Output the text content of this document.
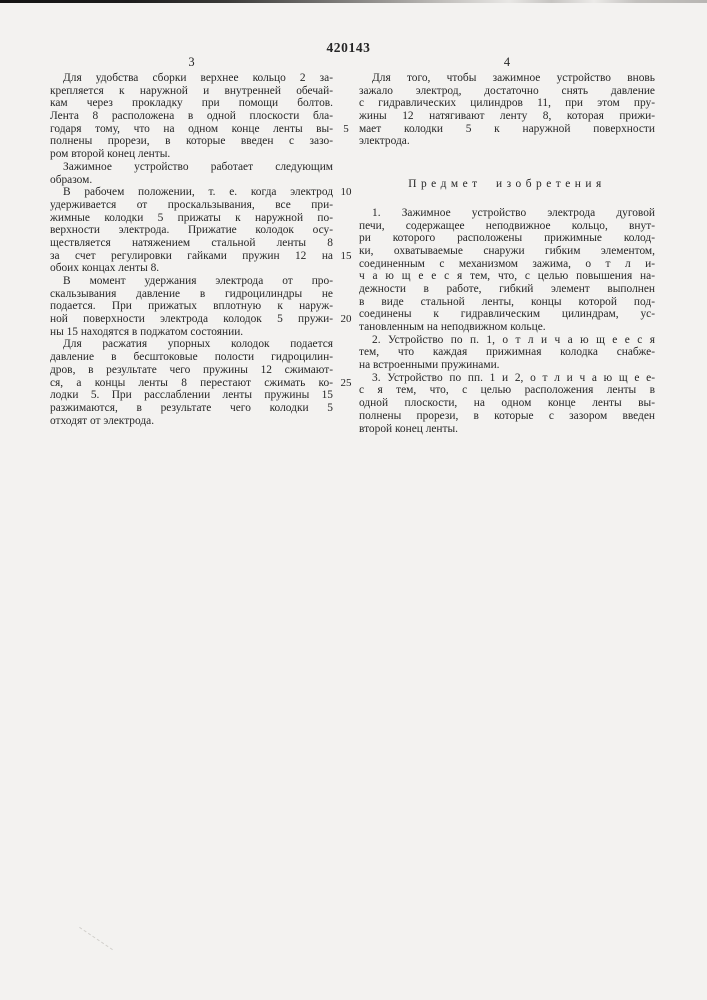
420143
3	4
Для удобства сборки верхнее кольцо 2 за-
крепляется к наружной и внутренней обечай-
кам через прокладку при помощи болтов.
Лента 8 расположена в одной плоскости бла-
годаря тому, что на одном конце ленты вы-
полнены прорези, в которые введен с зазо-
ром второй конец ленты.
Зажимное устройство работает следующим
образом.
В рабочем положении, т. е. когда электрод
удерживается от проскальзывания, все при-
жимные колодки 5 прижаты к наружной по-
верхности электрода. Прижатие колодок осу-
ществляется натяжением стальной ленты 8
за счет регулировки гайками пружин 12 на
обоих концах ленты 8.
В момент удержания электрода от про-
скальзывания давление в гидроцилиндры не
подается. При прижатых вплотную к наруж-
ной поверхности электрода колодок 5 пружи-
ны 15 находятся в поджатом состоянии.
Для расжатия упорных колодок подается
давление в бесштоковые полости гидроцилин-
дров, в результате чего пружины 12 сжимают-
ся, а концы ленты 8 перестают сжимать ко-
лодки 5. При расслаблении ленты пружины 15
разжимаются, в результате чего колодки 5
отходят от электрода.
5
10
15
20
25
Для того, чтобы зажимное устройство вновь
зажало электрод, достаточно снять давление
с гидравлических цилиндров 11, при этом пру-
жины 12 натягивают ленту 8, которая прижи-
мает колодки 5 к наружной поверхности
электрода.
Предмет изобретения
1. Зажимное устройство электрода дуговой
печи, содержащее неподвижное кольцо, внут-
ри которого расположены прижимные колод-
ки, охватываемые снаружи гибким элементом,
соединенным с механизмом зажима, о т л и-
ч а ю щ е е с я тем, что, с целью повышения на-
дежности в работе, гибкий элемент выполнен
в виде стальной ленты, концы которой под-
соединены к гидравлическим цилиндрам, ус-
тановленным на неподвижном кольце.
2. Устройство по п. 1, о т л и ч а ю щ е е с я
тем, что каждая прижимная колодка снабже-
на встроенными пружинами.
3. Устройство по пп. 1 и 2, о т л и ч а ю щ е е-
с я тем, что, с целью расположения ленты в
одной плоскости, на одном конце ленты вы-
полнены прорези, в которые с зазором введен
второй конец ленты.
